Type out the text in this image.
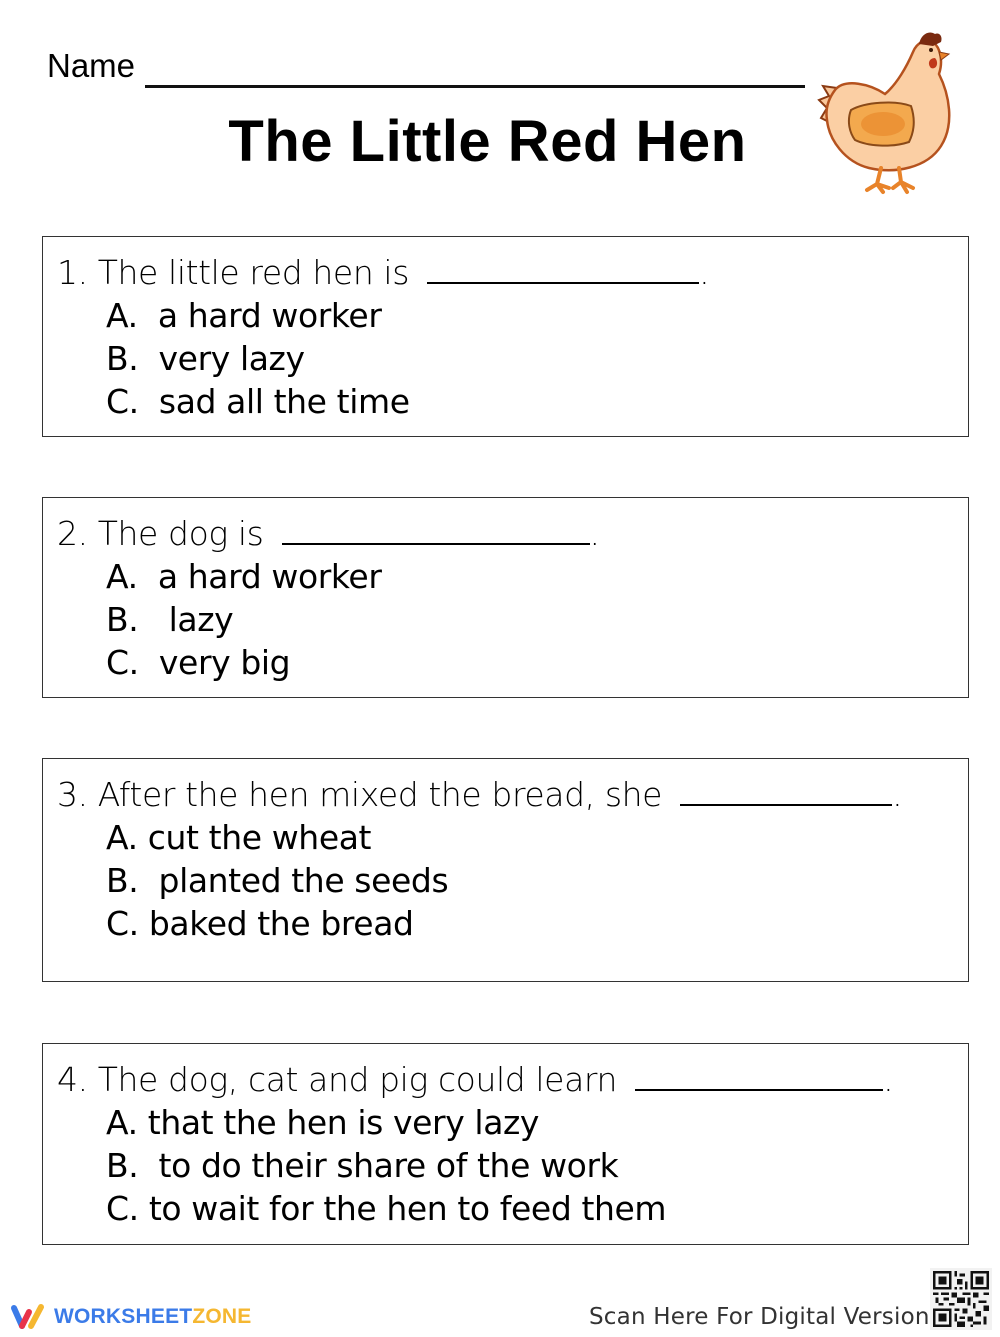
Name
The Little Red Hen
1. The little red hen is	.
A. a hard worker
B. very lazy
C. sad all the time
2. The dog is	.
A. a hard worker
B.   lazy
C. very big
3. After the hen mixed the bread, she	.
A. cut the wheat
B.  planted the seeds
C. baked the bread
4. The dog, cat and pig could learn	.
A. that the hen is very lazy
B.  to do their share of the work
C. to wait for the hen to feed them
WORKSHEETZONE	Scan Here For Digital Version
